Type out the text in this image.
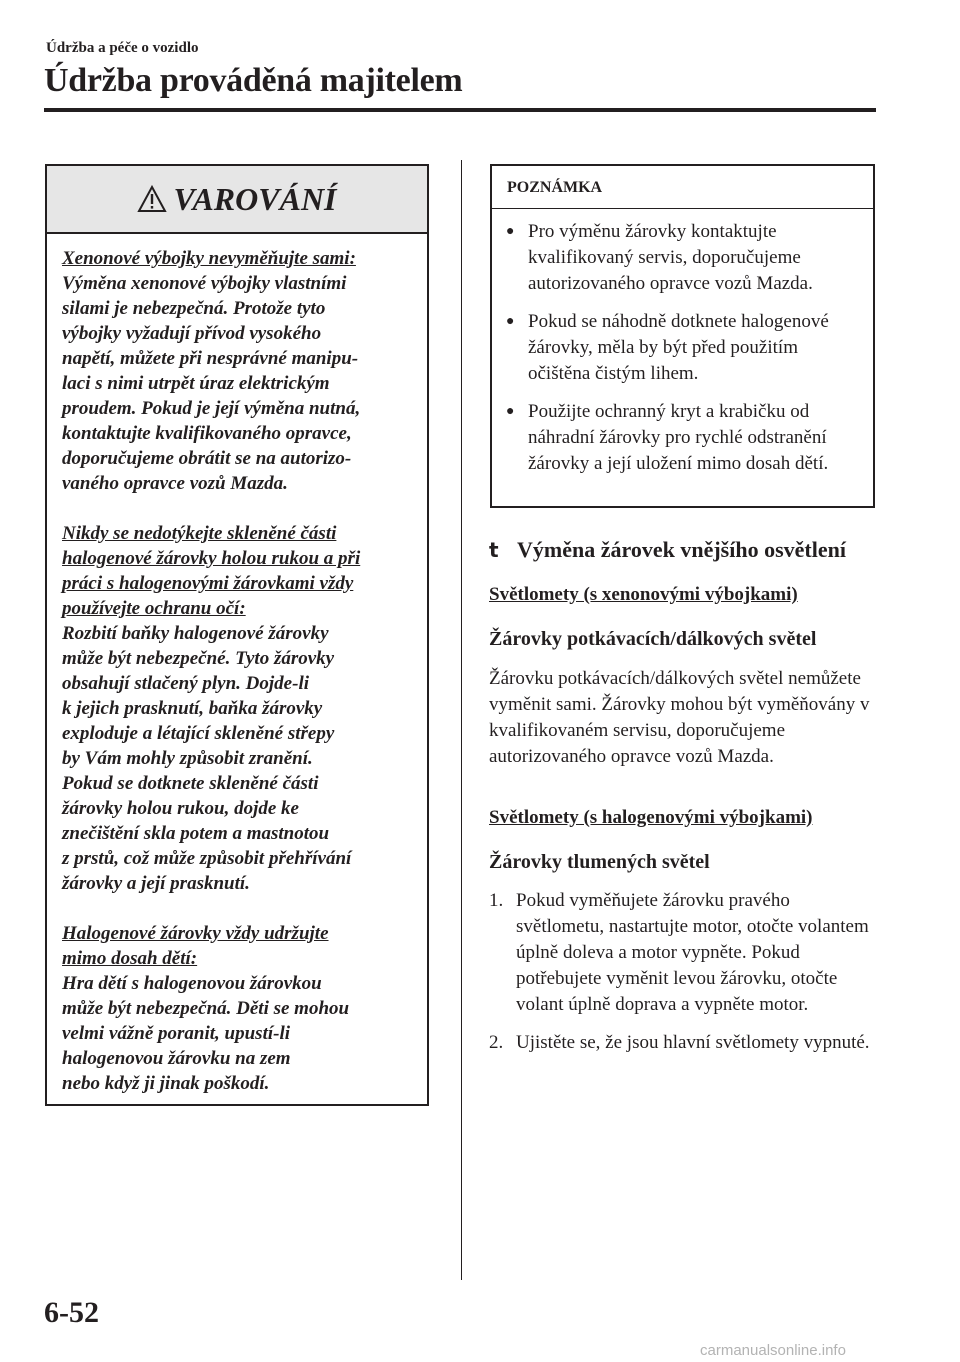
Údržba a péče o vozidlo
Údržba prováděná majitelem
VAROVÁNÍ
Xenonové výbojky nevyměňujte sami:
Výměna xenonové výbojky vlastními
silami je nebezpečná. Protože tyto
výbojky vyžadují přívod vysokého
napětí, můžete při nesprávné manipu-
laci s nimi utrpět úraz elektrickým
proudem. Pokud je její výměna nutná,
kontaktujte kvalifikovaného opravce,
doporučujeme obrátit se na autorizo-
vaného opravce vozů Mazda.
Nikdy se nedotýkejte skleněné části
halogenové žárovky holou rukou a při
práci s halogenovými žárovkami vždy
používejte ochranu očí:
Rozbití baňky halogenové žárovky
může být nebezpečné. Tyto žárovky
obsahují stlačený plyn. Dojde-li
k jejich prasknutí, baňka žárovky
exploduje a létající skleněné střepy
by Vám mohly způsobit zranění.
Pokud se dotknete skleněné části
žárovky holou rukou, dojde ke
znečištění skla potem a mastnotou
z prstů, což může způsobit přehřívání
žárovky a její prasknutí.
Halogenové žárovky vždy udržujte
mimo dosah dětí:
Hra dětí s halogenovou žárovkou
může být nebezpečná. Děti se mohou
velmi vážně poranit, upustí-li
halogenovou žárovku na zem
nebo když ji jinak poškodí.
POZNÁMKA
● Pro výměnu žárovky kontaktujte kvalifikovaný servis, doporučujeme autorizovaného opravce vozů Mazda.
● Pokud se náhodně dotknete halogenové žárovky, měla by být před použitím očištěna čistým lihem.
● Použijte ochranný kryt a krabičku od náhradní žárovky pro rychlé odstranění žárovky a její uložení mimo dosah dětí.
t Výměna žárovek vnějšího osvětlení
Světlomety (s xenonovými výbojkami)
Žárovky potkávacích/dálkových světel
Žárovku potkávacích/dálkových světel nemůžete vyměnit sami. Žárovky mohou být vyměňovány v kvalifikovaném servisu, doporučujeme autorizovaného opravce vozů Mazda.
Světlomety (s halogenovými výbojkami)
Žárovky tlumených světel
1. Pokud vyměňujete žárovku pravého světlometu, nastartujte motor, otočte volantem úplně doleva a motor vypněte. Pokud potřebujete vyměnit levou žárovku, otočte volant úplně doprava a vypněte motor.
2. Ujistěte se, že jsou hlavní světlomety vypnuté.
6-52
carmanualsonline.info
